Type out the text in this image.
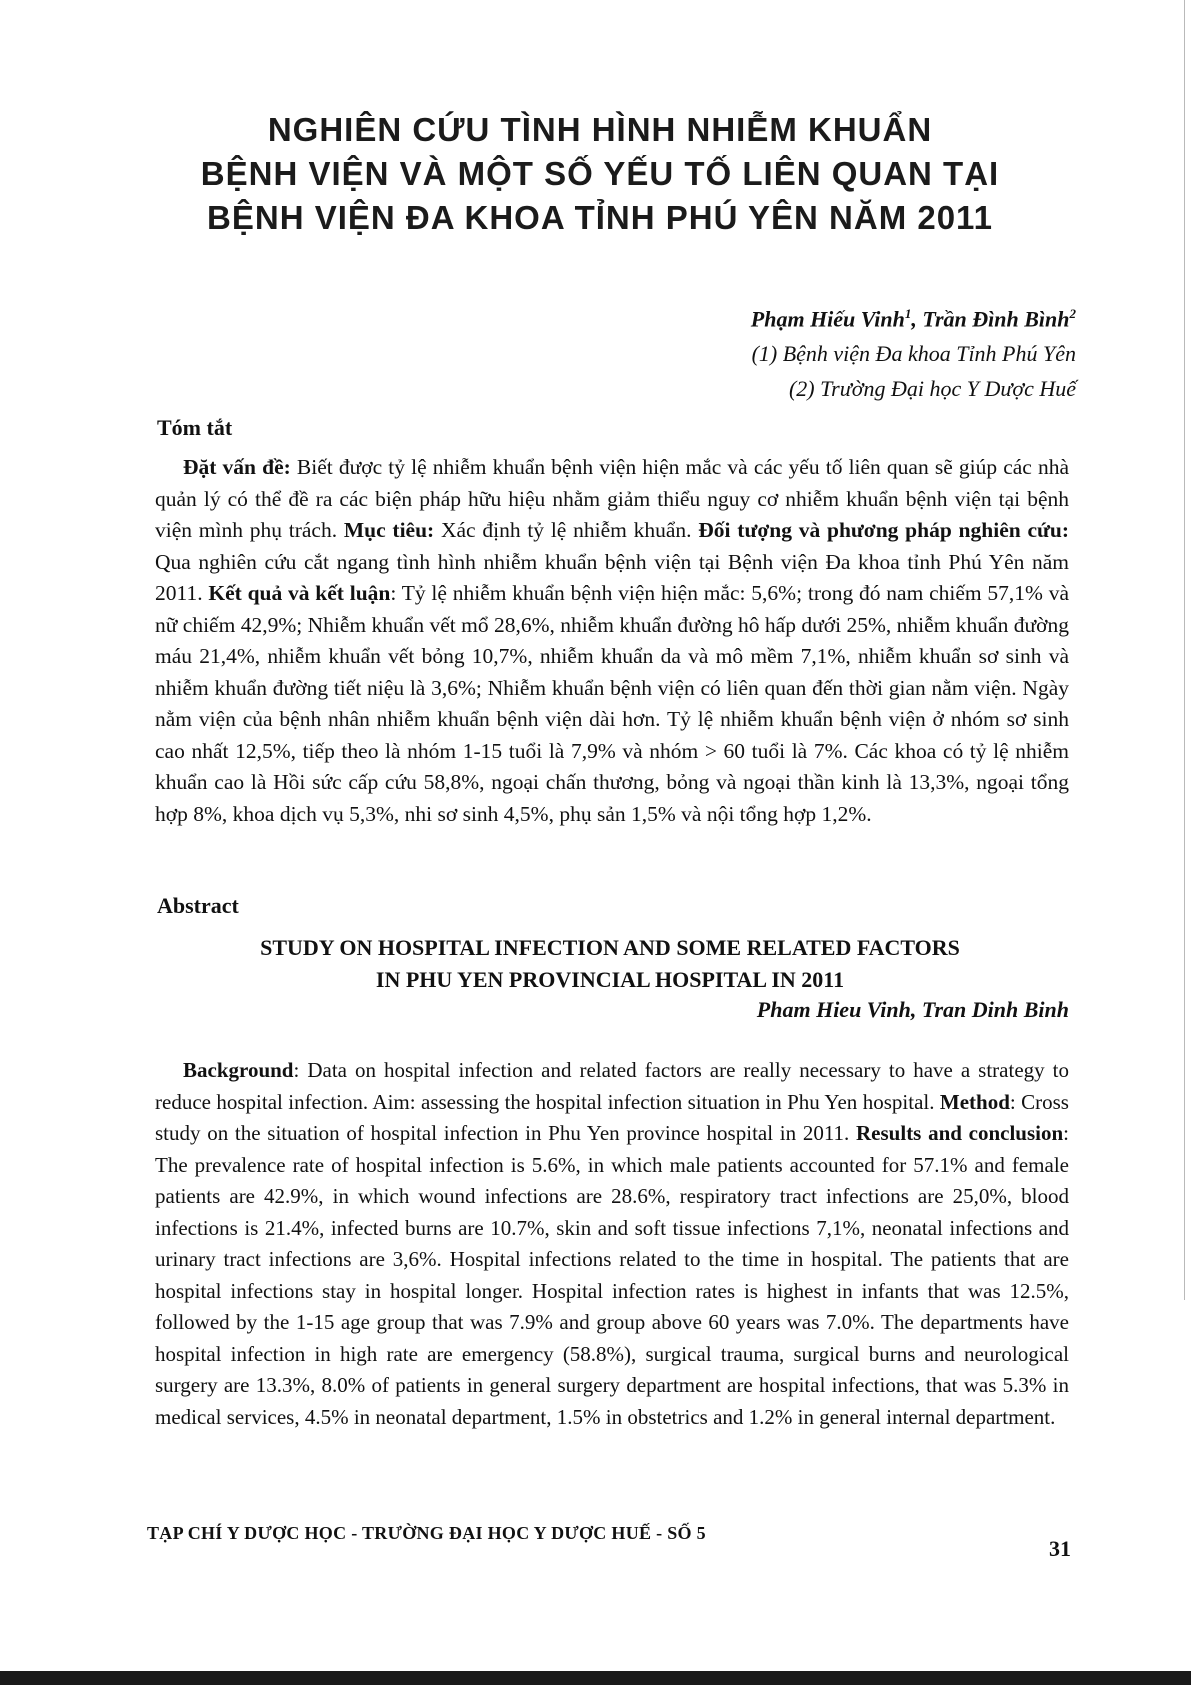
NGHIÊN CỨU TÌNH HÌNH NHIỄM KHUẨN
BỆNH VIỆN VÀ MỘT SỐ YẾU TỐ LIÊN QUAN TẠI
BỆNH VIỆN ĐA KHOA TỈNH PHÚ YÊN NĂM 2011
Phạm Hiếu Vinh$^1$, Trần Đình Bình$^2$
(1) Bệnh viện Đa khoa Tỉnh Phú Yên
(2) Trường Đại học Y Dược Huế
Tóm tắt

Đặt vấn đề: Biết được tỷ lệ nhiễm khuẩn bệnh viện hiện mắc và các yếu tố liên quan sẽ giúp các nhà quản lý có thể đề ra các biện pháp hữu hiệu nhằm giảm thiểu nguy cơ nhiễm khuẩn bệnh viện tại bệnh viện mình phụ trách. Mục tiêu: Xác định tỷ lệ nhiễm khuẩn. Đối tượng và phương pháp nghiên cứu: Qua nghiên cứu cắt ngang tình hình nhiễm khuẩn bệnh viện tại Bệnh viện Đa khoa tỉnh Phú Yên năm 2011. Kết quả và kết luận: Tỷ lệ nhiễm khuẩn bệnh viện hiện mắc: 5,6%; trong đó nam chiếm 57,1% và nữ chiếm 42,9%; Nhiễm khuẩn vết mổ 28,6%, nhiễm khuẩn đường hô hấp dưới 25%, nhiễm khuẩn đường máu 21,4%, nhiễm khuẩn vết bỏng 10,7%, nhiễm khuẩn da và mô mềm 7,1%, nhiễm khuẩn sơ sinh và nhiễm khuẩn đường tiết niệu là 3,6%; Nhiễm khuẩn bệnh viện có liên quan đến thời gian nằm viện. Ngày nằm viện của bệnh nhân nhiễm khuẩn bệnh viện dài hơn. Tỷ lệ nhiễm khuẩn bệnh viện ở nhóm sơ sinh cao nhất 12,5%, tiếp theo là nhóm 1-15 tuổi là 7,9% và nhóm > 60 tuổi là 7%. Các khoa có tỷ lệ nhiễm khuẩn cao là Hồi sức cấp cứu 58,8%, ngoại chấn thương, bỏng và ngoại thần kinh là 13,3%, ngoại tổng hợp 8%, khoa dịch vụ 5,3%, nhi sơ sinh 4,5%, phụ sản 1,5% và nội tổng hợp 1,2%.

Abstract
STUDY ON HOSPITAL INFECTION AND SOME RELATED FACTORS
IN PHU YEN PROVINCIAL HOSPITAL IN 2011
Pham Hieu Vinh, Tran Dinh Binh

Background: Data on hospital infection and related factors are really necessary to have a strategy to reduce hospital infection. Aim: assessing the hospital infection situation in Phu Yen hospital. Method: Cross study on the situation of hospital infection in Phu Yen province hospital in 2011. Results and conclusion: The prevalence rate of hospital infection is 5.6%, in which male patients accounted for 57.1% and female patients are 42.9%, in which wound infections are 28.6%, respiratory tract infections are 25,0%, blood infections is 21.4%, infected burns are 10.7%, skin and soft tissue infections 7,1%, neonatal infections and urinary tract infections are 3,6%. Hospital infections related to the time in hospital. The patients that are hospital infections stay in hospital longer. Hospital infection rates is highest in infants that was 12.5%, followed by the 1-15 age group that was 7.9% and group above 60 years was 7.0%. The departments have hospital infection in high rate are emergency (58.8%), surgical trauma, surgical burns and neurological surgery are 13.3%, 8.0% of patients in general surgery department are hospital infections, that was 5.3% in medical services, 4.5% in neonatal department, 1.5% in obstetrics and 1.2% in general internal department.

TẠP CHÍ Y DƯỢC HỌC - TRƯỜNG ĐẠI HỌC Y DƯỢC HUẾ - SỐ 5
31
